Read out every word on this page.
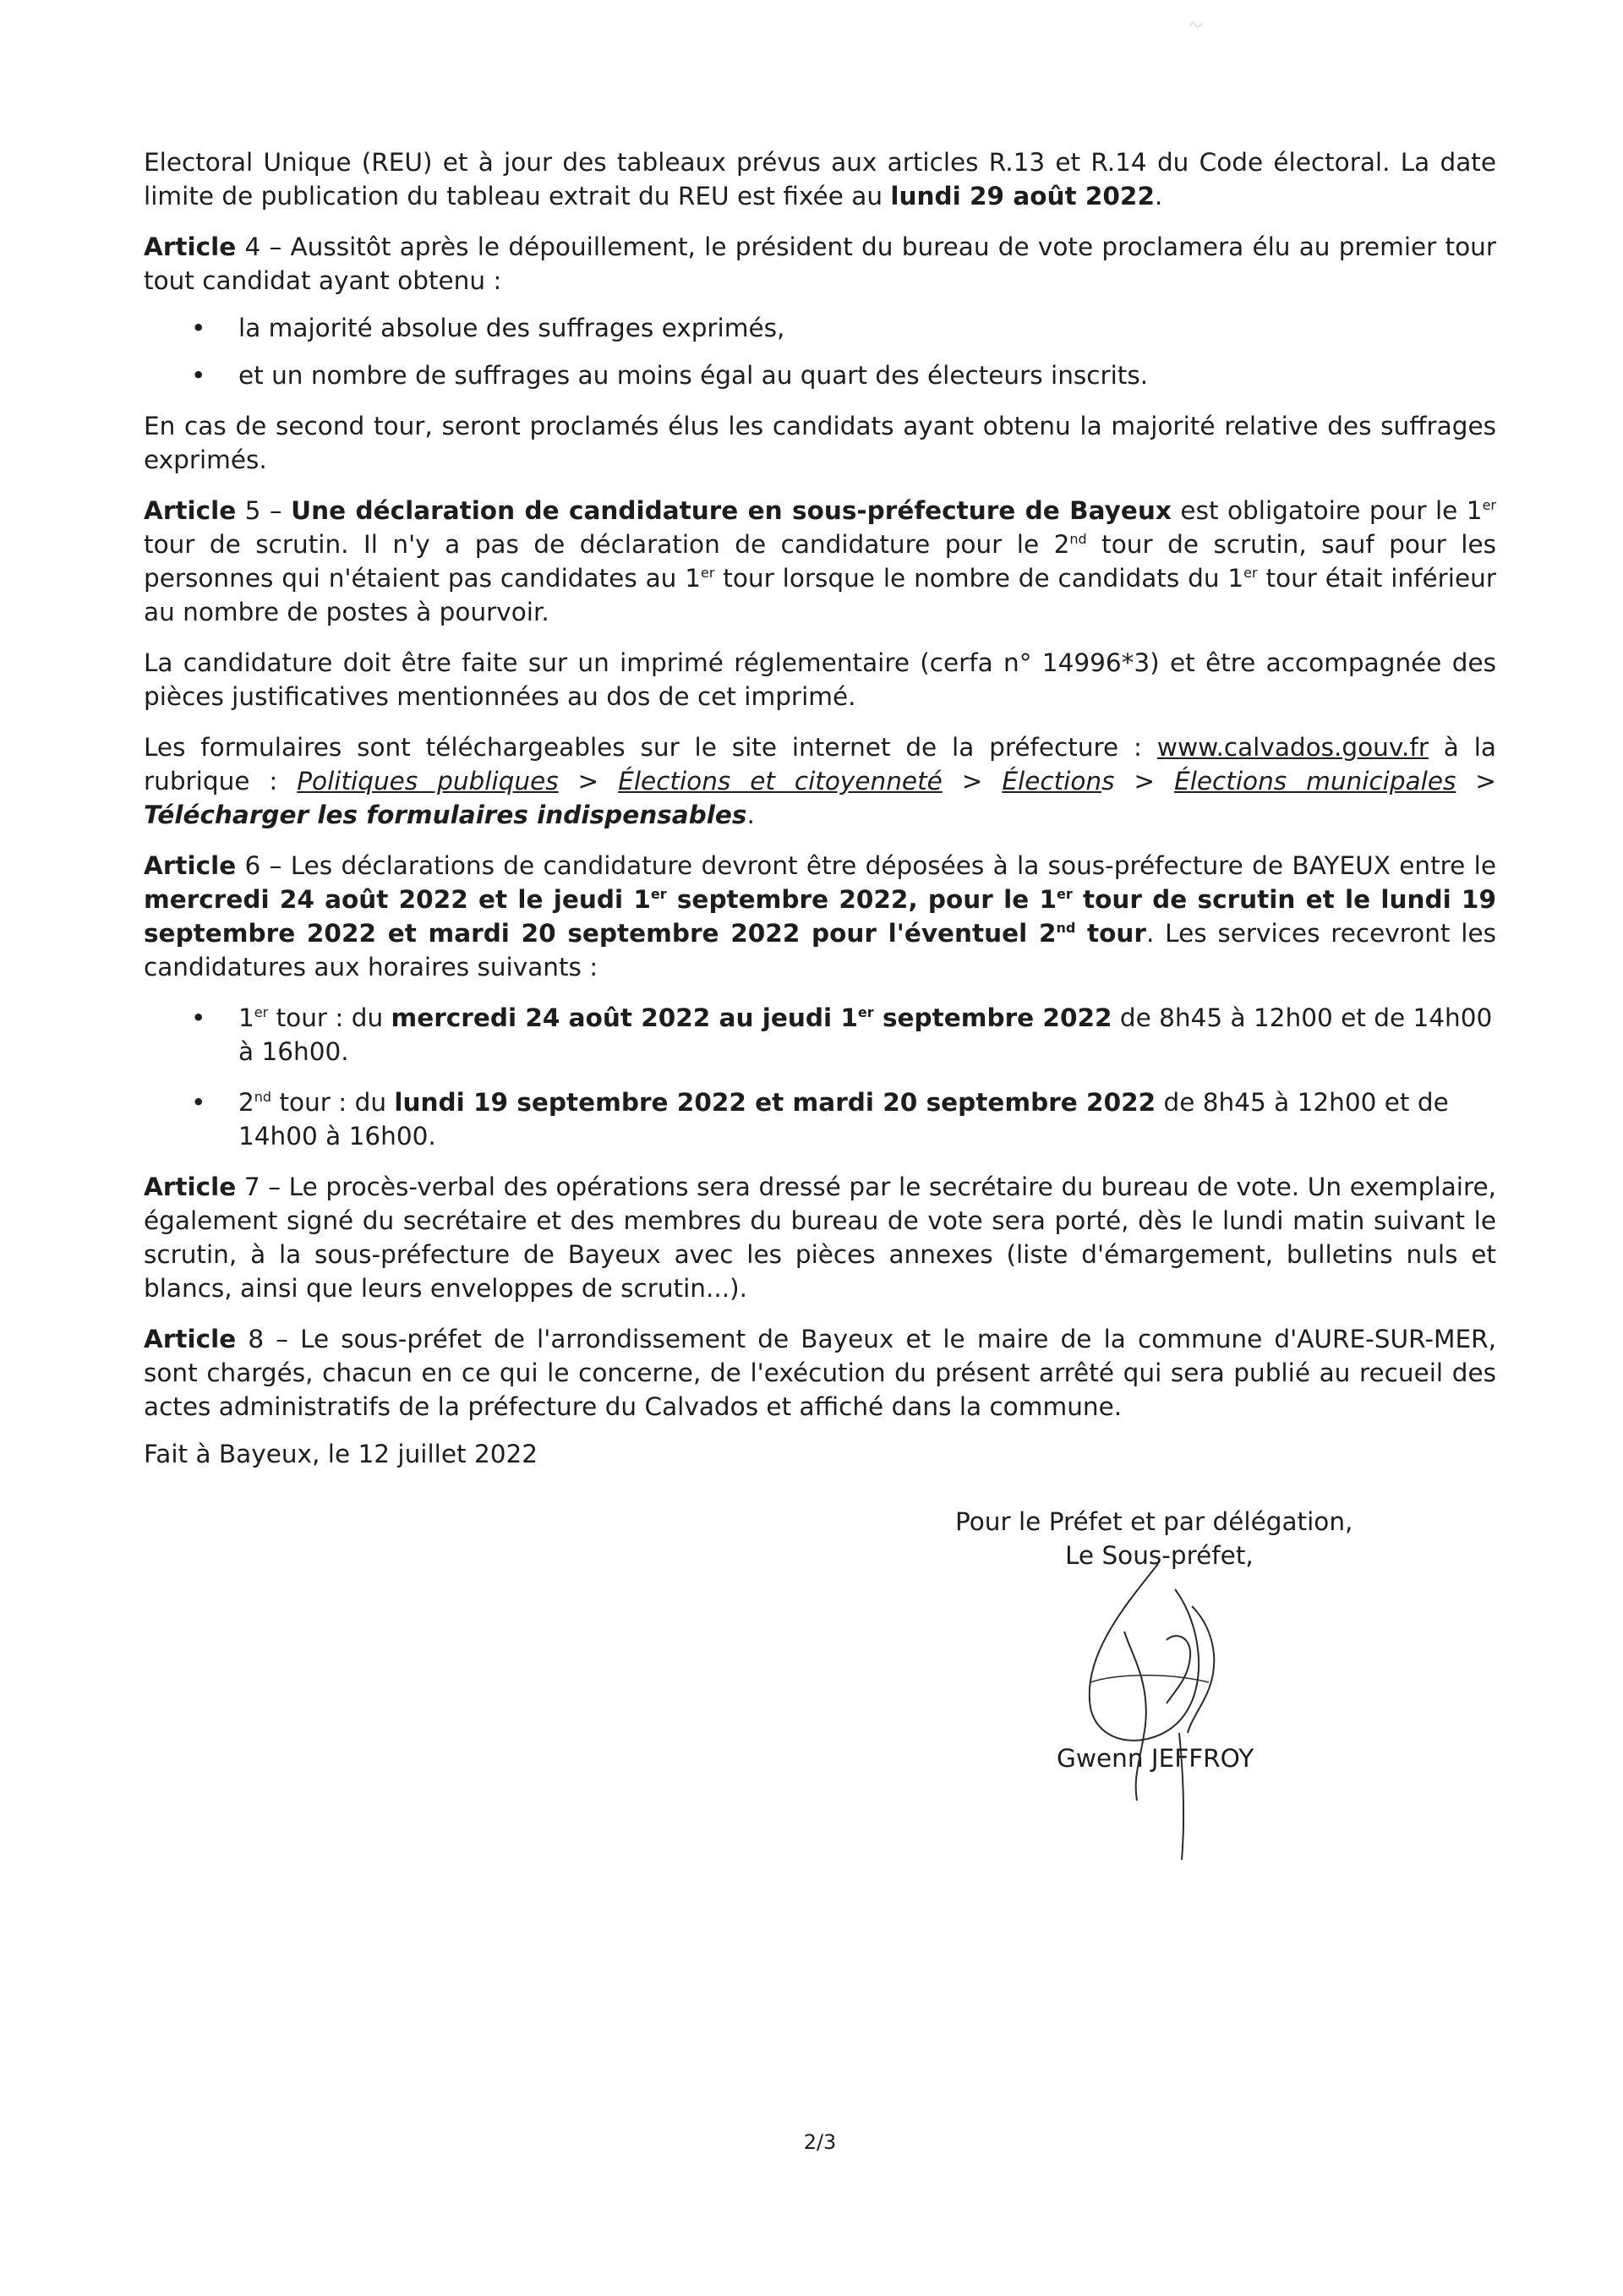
Electoral Unique (REU) et à jour des tableaux prévus aux articles R.13 et R.14 du Code électoral. La date limite de publication du tableau extrait du REU est fixée au lundi 29 août 2022.

Article 4 – Aussitôt après le dépouillement, le président du bureau de vote proclamera élu au premier tour tout candidat ayant obtenu :

• la majorité absolue des suffrages exprimés,
• et un nombre de suffrages au moins égal au quart des électeurs inscrits.

En cas de second tour, seront proclamés élus les candidats ayant obtenu la majorité relative des suffrages exprimés.

Article 5 – Une déclaration de candidature en sous-préfecture de Bayeux est obligatoire pour le 1er tour de scrutin. Il n'y a pas de déclaration de candidature pour le 2nd tour de scrutin, sauf pour les personnes qui n'étaient pas candidates au 1er tour lorsque le nombre de candidats du 1er tour était inférieur au nombre de postes à pourvoir.

La candidature doit être faite sur un imprimé réglementaire (cerfa n° 14996*3) et être accompagnée des pièces justificatives mentionnées au dos de cet imprimé.

Les formulaires sont téléchargeables sur le site internet de la préfecture : www.calvados.gouv.fr à la rubrique : Politiques publiques > Élections et citoyenneté > Élections > Élections municipales > Télécharger les formulaires indispensables.

Article 6 – Les déclarations de candidature devront être déposées à la sous-préfecture de BAYEUX entre le mercredi 24 août 2022 et le jeudi 1er septembre 2022, pour le 1er tour de scrutin et le lundi 19 septembre 2022 et mardi 20 septembre 2022 pour l'éventuel 2nd tour. Les services recevront les candidatures aux horaires suivants :

• 1er tour : du mercredi 24 août 2022 au jeudi 1er septembre 2022 de 8h45 à 12h00 et de 14h00 à 16h00.
• 2nd tour : du lundi 19 septembre 2022 et mardi 20 septembre 2022 de 8h45 à 12h00 et de 14h00 à 16h00.

Article 7 – Le procès-verbal des opérations sera dressé par le secrétaire du bureau de vote. Un exemplaire, également signé du secrétaire et des membres du bureau de vote sera porté, dès le lundi matin suivant le scrutin, à la sous-préfecture de Bayeux avec les pièces annexes (liste d'émargement, bulletins nuls et blancs, ainsi que leurs enveloppes de scrutin...).

Article 8 – Le sous-préfet de l'arrondissement de Bayeux et le maire de la commune d'AURE-SUR-MER, sont chargés, chacun en ce qui le concerne, de l'exécution du présent arrêté qui sera publié au recueil des actes administratifs de la préfecture du Calvados et affiché dans la commune.

Fait à Bayeux, le 12 juillet 2022
Pour le Préfet et par délégation,
Le Sous-préfet,
Gwenn JEFFROY
2/3
